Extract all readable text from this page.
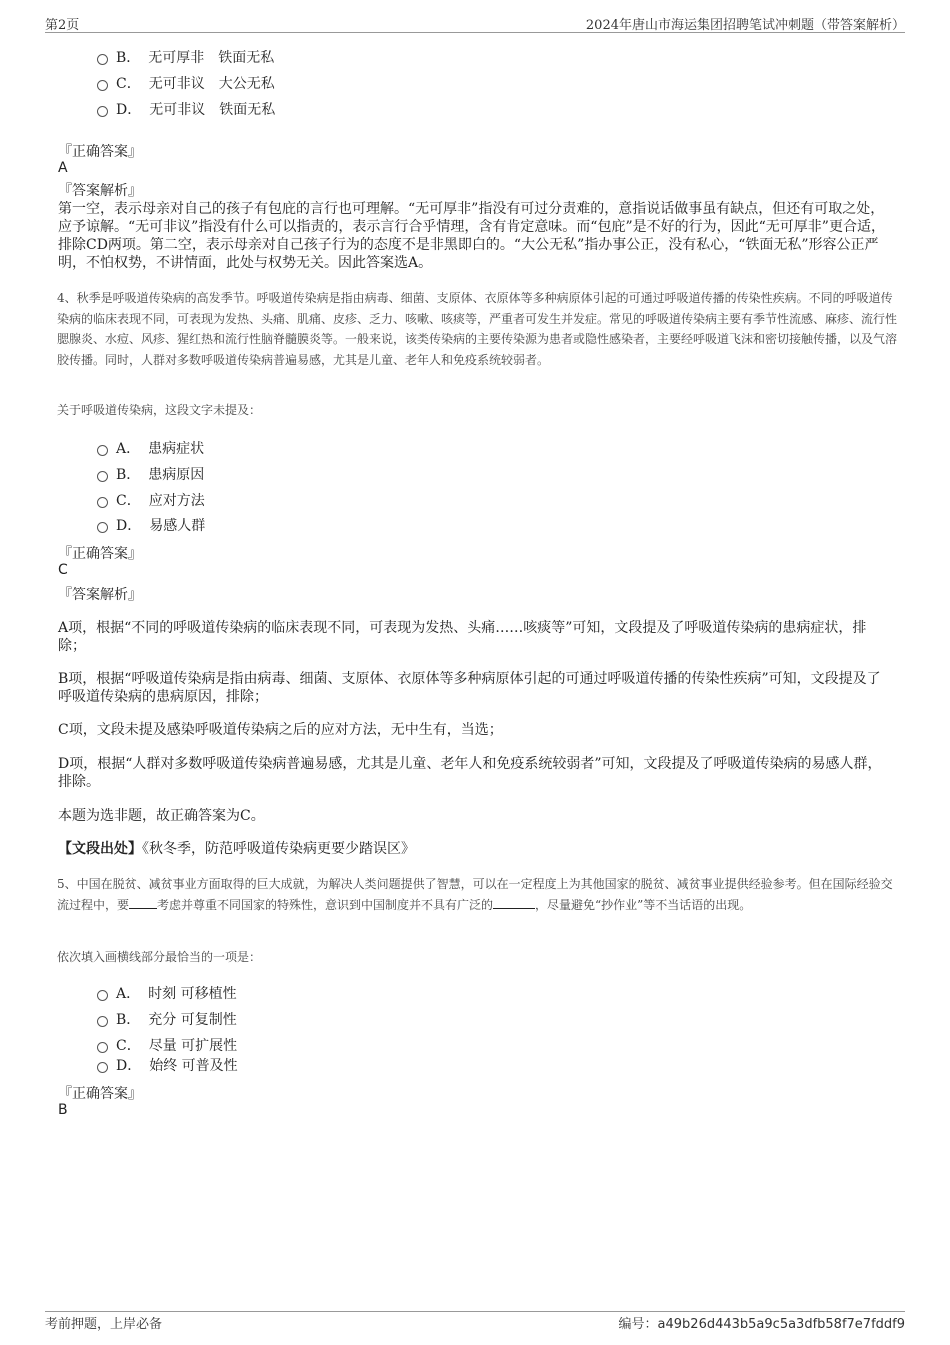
第2页	2024年唐山市海运集团招聘笔试冲刺题（带答案解析）
B． 无可厚非　铁面无私
C． 无可非议　大公无私
D． 无可非议　铁面无私
『正确答案』
A
『答案解析』
第一空，表示母亲对自己的孩子有包庇的言行也可理解。“无可厚非”指没有可过分责难的，意指说话做事虽有缺点，但还有可取之处，应予谅解。“无可非议”指没有什么可以指责的，表示言行合乎情理，含有肯定意味。而“包庇”是不好的行为，因此“无可厚非”更合适，排除CD两项。第二空，表示母亲对自己孩子行为的态度不是非黑即白的。“大公无私”指办事公正，没有私心，“铁面无私”形容公正严明，不怕权势，不讲情面，此处与权势无关。因此答案选A。
4、秋季是呼吸道传染病的高发季节。呼吸道传染病是指由病毒、细菌、支原体、衣原体等多种病原体引起的可通过呼吸道传播的传染性疾病。不同的呼吸道传染病的临床表现不同，可表现为发热、头痛、肌痛、皮疹、乏力、咳嗽、咳痰等，严重者可发生并发症。常见的呼吸道传染病主要有季节性流感、麻疹、流行性腮腺炎、水痘、风疹、猩红热和流行性脑脊髓膜炎等。一般来说，该类传染病的主要传染源为患者或隐性感染者，主要经呼吸道飞沫和密切接触传播，以及气溶胶传播。同时，人群对多数呼吸道传染病普遍易感，尤其是儿童、老年人和免疫系统较弱者。
关于呼吸道传染病，这段文字未提及：
A． 患病症状
B． 患病原因
C． 应对方法
D． 易感人群
『正确答案』
C
『答案解析』
A项，根据“不同的呼吸道传染病的临床表现不同，可表现为发热、头痛……咳痰等”可知，文段提及了呼吸道传染病的患病症状，排除；
B项，根据“呼吸道传染病是指由病毒、细菌、支原体、衣原体等多种病原体引起的可通过呼吸道传播的传染性疾病”可知，文段提及了呼吸道传染病的患病原因，排除；
C项，文段未提及感染呼吸道传染病之后的应对方法，无中生有，当选；
D项，根据“人群对多数呼吸道传染病普遍易感，尤其是儿童、老年人和免疫系统较弱者”可知，文段提及了呼吸道传染病的易感人群，排除。
本题为选非题，故正确答案为C。
【文段出处】《秋冬季，防范呼吸道传染病更要少踏误区》
5、中国在脱贫、减贫事业方面取得的巨大成就，为解决人类问题提供了智慧，可以在一定程度上为其他国家的脱贫、减贫事业提供经验参考。但在国际经验交流过程中，要 考虑并尊重不同国家的特殊性，意识到中国制度并不具有广泛的	，尽量避免“抄作业”等不当话语的出现。
依次填入画横线部分最恰当的一项是：
A． 时刻 可移植性
B． 充分 可复制性
C． 尽量 可扩展性
D． 始终 可普及性
『正确答案』
B
考前押题，上岸必备	编号：a49b26d443b5a9c5a3dfb58f7e7fddf9
